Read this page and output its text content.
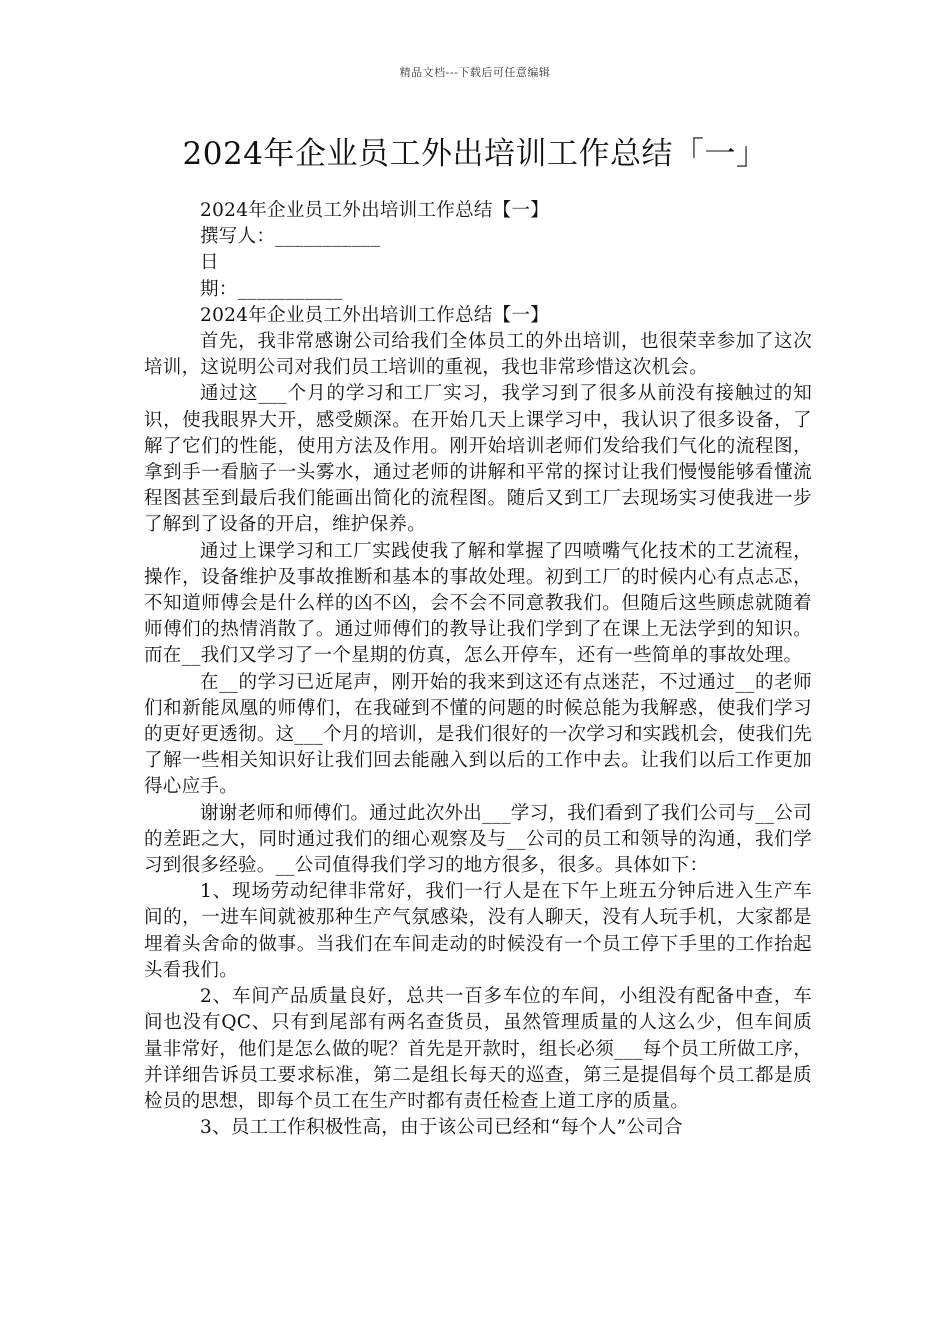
精品文档---下载后可任意编辑
2024年企业员工外出培训工作总结「一」
2024年企业员工外出培训工作总结【一】
撰写人：___________
日
期：___________
2024年企业员工外出培训工作总结【一】

首先，我非常感谢公司给我们全体员工的外出培训，也很荣幸参加了这次培训，这说明公司对我们员工培训的重视，我也非常珍惜这次机会。

通过这___个月的学习和工厂实习，我学习到了很多从前没有接触过的知识，使我眼界大开，感受颇深。在开始几天上课学习中，我认识了很多设备，了解了它们的性能，使用方法及作用。刚开始培训老师们发给我们气化的流程图，拿到手一看脑子一头雾水，通过老师的讲解和平常的探讨让我们慢慢能够看懂流程图甚至到最后我们能画出简化的流程图。随后又到工厂去现场实习使我进一步了解到了设备的开启，维护保养。

通过上课学习和工厂实践使我了解和掌握了四喷嘴气化技术的工艺流程，操作，设备维护及事故推断和基本的事故处理。初到工厂的时候内心有点忐忑，不知道师傅会是什么样的凶不凶，会不会不同意教我们。但随后这些顾虑就随着师傅们的热情消散了。通过师傅们的教导让我们学到了在课上无法学到的知识。而在__我们又学习了一个星期的仿真，怎么开停车，还有一些简单的事故处理。

在__的学习已近尾声，刚开始的我来到这还有点迷茫，不过通过__的老师们和新能凤凰的师傅们，在我碰到不懂的问题的时候总能为我解惑，使我们学习的更好更透彻。这___个月的培训，是我们很好的一次学习和实践机会，使我们先了解一些相关知识好让我们回去能融入到以后的工作中去。让我们以后工作更加得心应手。

谢谢老师和师傅们。通过此次外出___学习，我们看到了我们公司与__公司的差距之大，同时通过我们的细心观察及与__公司的员工和领导的沟通，我们学习到很多经验。__公司值得我们学习的地方很多，很多。具体如下：

1、现场劳动纪律非常好，我们一行人是在下午上班五分钟后进入生产车间的，一进车间就被那种生产气氛感染，没有人聊天，没有人玩手机，大家都是埋着头舍命的做事。当我们在车间走动的时候没有一个员工停下手里的工作抬起头看我们。

2、车间产品质量良好，总共一百多车位的车间，小组没有配备中查，车间也没有QC、只有到尾部有两名查货员，虽然管理质量的人这么少，但车间质量非常好，他们是怎么做的呢？首先是开款时，组长必须___每个员工所做工序，并详细告诉员工要求标准，第二是组长每天的巡查，第三是提倡每个员工都是质检员的思想，即每个员工在生产时都有责任检查上道工序的质量。

3、员工工作积极性高，由于该公司已经和“每个人”公司合
